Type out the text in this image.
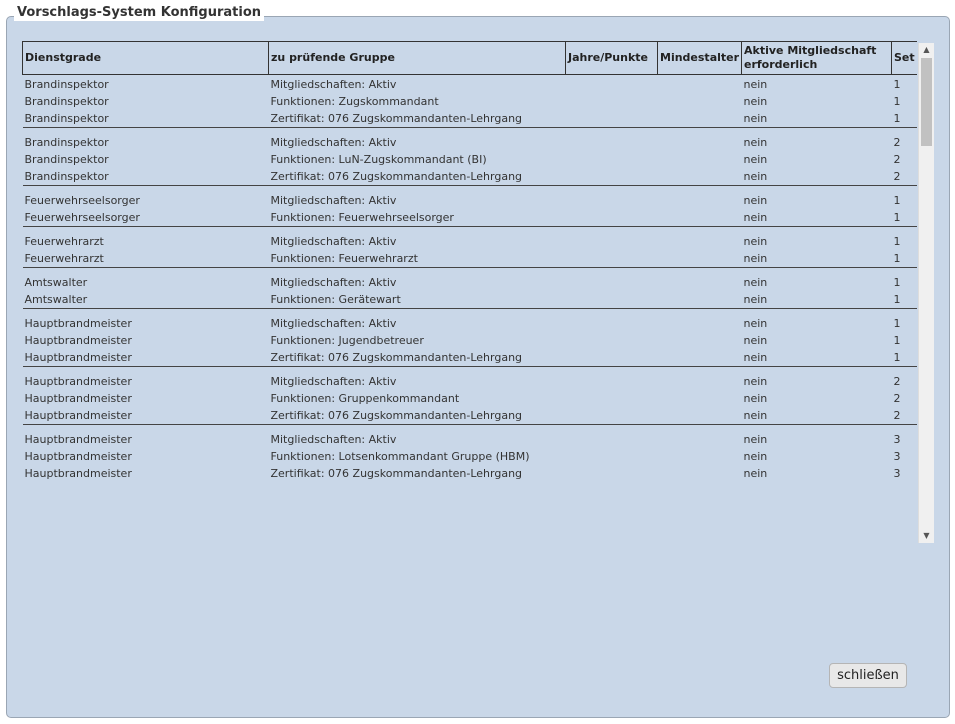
Vorschlags-System Konfiguration
Dienstgrade	zu prüfende Gruppe	Jahre/Punkte	Mindestalter	Aktive Mitgliedschaft erforderlich	Set

Brandinspektor	Mitgliedschaften: Aktiv			nein	1
Brandinspektor	Funktionen: Zugskommandant			nein	1
Brandinspektor	Zertifikat: 076 Zugskommandanten-Lehrgang			nein	1

Brandinspektor	Mitgliedschaften: Aktiv			nein	2
Brandinspektor	Funktionen: LuN-Zugskommandant (BI)			nein	2
Brandinspektor	Zertifikat: 076 Zugskommandanten-Lehrgang			nein	2

Feuerwehrseelsorger	Mitgliedschaften: Aktiv			nein	1
Feuerwehrseelsorger	Funktionen: Feuerwehrseelsorger			nein	1

Feuerwehrarzt	Mitgliedschaften: Aktiv			nein	1
Feuerwehrarzt	Funktionen: Feuerwehrarzt			nein	1

Amtswalter	Mitgliedschaften: Aktiv			nein	1
Amtswalter	Funktionen: Gerätewart			nein	1

Hauptbrandmeister	Mitgliedschaften: Aktiv			nein	1
Hauptbrandmeister	Funktionen: Jugendbetreuer			nein	1
Hauptbrandmeister	Zertifikat: 076 Zugskommandanten-Lehrgang			nein	1

Hauptbrandmeister	Mitgliedschaften: Aktiv			nein	2
Hauptbrandmeister	Funktionen: Gruppenkommandant			nein	2
Hauptbrandmeister	Zertifikat: 076 Zugskommandanten-Lehrgang			nein	2

Hauptbrandmeister	Mitgliedschaften: Aktiv			nein	3
Hauptbrandmeister	Funktionen: Lotsenkommandant Gruppe (HBM)			nein	3
Hauptbrandmeister	Zertifikat: 076 Zugskommandanten-Lehrgang			nein	3
▲
▼
schließen
